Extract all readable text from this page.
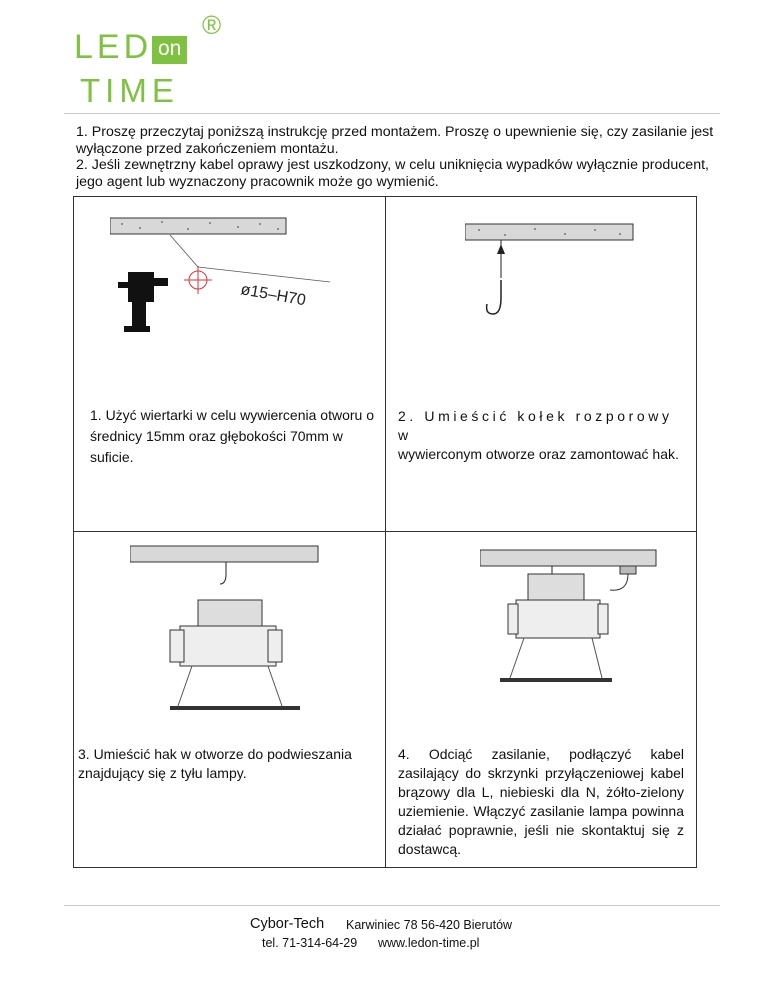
LED on
®
TIME

1. Proszę przeczytaj poniższą instrukcję przed montażem. Proszę o upewnienie się, czy zasilanie jest wyłączone przed zakończeniem montażu.

2. Jeśli zewnętrzny kabel oprawy jest uszkodzony, w celu uniknięcia wypadków wyłącznie producent, jego agent lub wyznaczony pracownik może go wymienić.

ø15–H70
1. Użyć wiertarki w celu wywiercenia otworu o średnicy 15mm oraz głębokości 70mm w suficie.
2. Umieścić kołek rozporowy w
wywierconym otworze oraz zamontować hak.
3. Umieścić hak w otworze do podwieszania znajdujący się z tyłu lampy.
4. Odciąć zasilanie, podłączyć kabel zasilający do skrzynki przyłączeniowej kabel brązowy dla L, niebieski dla N, żółto-zielony uziemienie. Włączyć zasilanie lampa powinna działać poprawnie, jeśli nie skontaktuj się z dostawcą.
Cybor-Tech Karwiniec 78 56-420 Bierutów
tel. 71-314-64-29 www.ledon-time.pl
